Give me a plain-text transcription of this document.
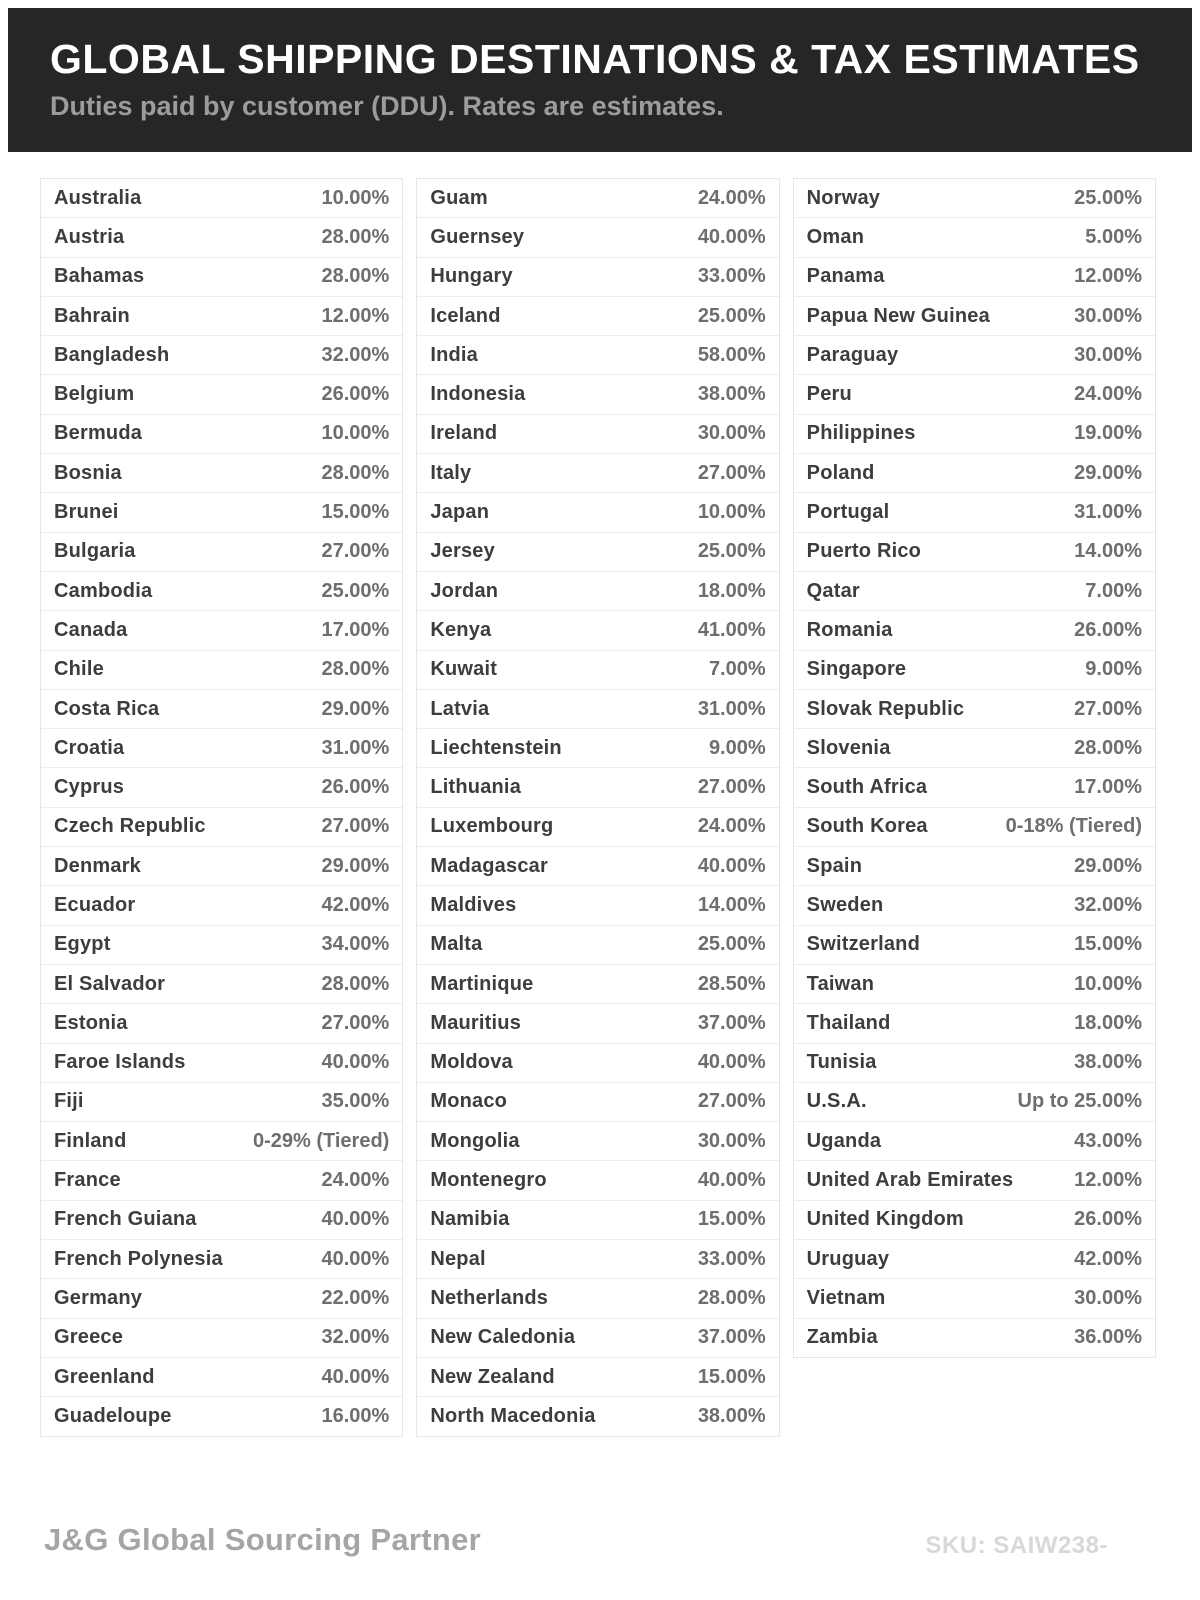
GLOBAL SHIPPING DESTINATIONS & TAX ESTIMATES
Duties paid by customer (DDU). Rates are estimates.
Australia	10.00%
Austria	28.00%
Bahamas	28.00%
Bahrain	12.00%
Bangladesh	32.00%
Belgium	26.00%
Bermuda	10.00%
Bosnia	28.00%
Brunei	15.00%
Bulgaria	27.00%
Cambodia	25.00%
Canada	17.00%
Chile	28.00%
Costa Rica	29.00%
Croatia	31.00%
Cyprus	26.00%
Czech Republic	27.00%
Denmark	29.00%
Ecuador	42.00%
Egypt	34.00%
El Salvador	28.00%
Estonia	27.00%
Faroe Islands	40.00%
Fiji	35.00%
Finland	0-29% (Tiered)
France	24.00%
French Guiana	40.00%
French Polynesia	40.00%
Germany	22.00%
Greece	32.00%
Greenland	40.00%
Guadeloupe	16.00%
Guam	24.00%
Guernsey	40.00%
Hungary	33.00%
Iceland	25.00%
India	58.00%
Indonesia	38.00%
Ireland	30.00%
Italy	27.00%
Japan	10.00%
Jersey	25.00%
Jordan	18.00%
Kenya	41.00%
Kuwait	7.00%
Latvia	31.00%
Liechtenstein	9.00%
Lithuania	27.00%
Luxembourg	24.00%
Madagascar	40.00%
Maldives	14.00%
Malta	25.00%
Martinique	28.50%
Mauritius	37.00%
Moldova	40.00%
Monaco	27.00%
Mongolia	30.00%
Montenegro	40.00%
Namibia	15.00%
Nepal	33.00%
Netherlands	28.00%
New Caledonia	37.00%
New Zealand	15.00%
North Macedonia	38.00%
Norway	25.00%
Oman	5.00%
Panama	12.00%
Papua New Guinea	30.00%
Paraguay	30.00%
Peru	24.00%
Philippines	19.00%
Poland	29.00%
Portugal	31.00%
Puerto Rico	14.00%
Qatar	7.00%
Romania	26.00%
Singapore	9.00%
Slovak Republic	27.00%
Slovenia	28.00%
South Africa	17.00%
South Korea	0-18% (Tiered)
Spain	29.00%
Sweden	32.00%
Switzerland	15.00%
Taiwan	10.00%
Thailand	18.00%
Tunisia	38.00%
U.S.A.	Up to 25.00%
Uganda	43.00%
United Arab Emirates	12.00%
United Kingdom	26.00%
Uruguay	42.00%
Vietnam	30.00%
Zambia	36.00%
J&G Global Sourcing Partner	SKU: SAIW238-
